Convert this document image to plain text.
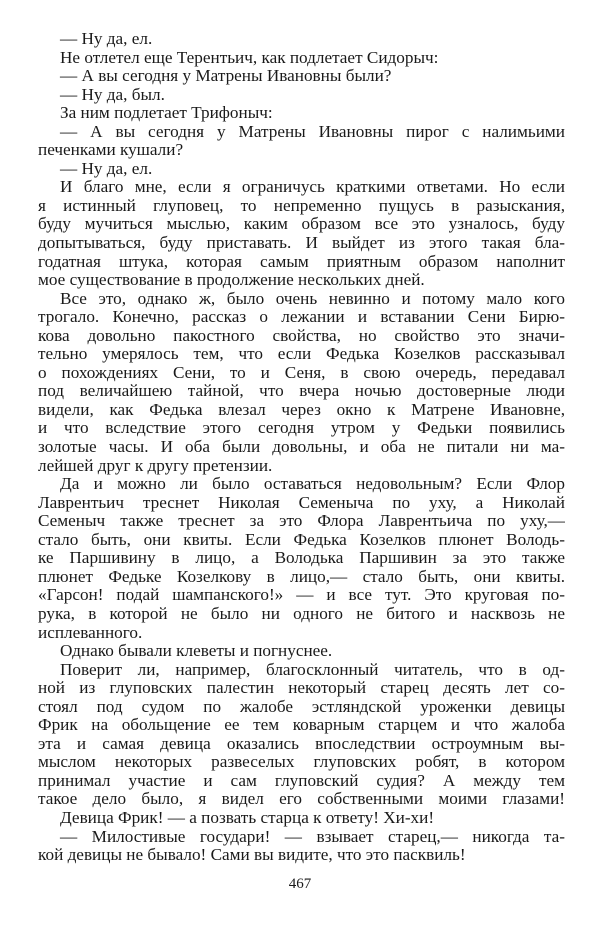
— Ну да, ел.
Не отлетел еще Терентьич, как подлетает Сидорыч:
— А вы сегодня у Матрены Ивановны были?
— Ну да, был.
За ним подлетает Трифоныч:
— А вы сегодня у Матрены Ивановны пирог с налимьими
печенками кушали?
— Ну да, ел.
И благо мне, если я ограничусь краткими ответами. Но если
я истинный глуповец, то непременно пущусь в разыскания,
буду мучиться мыслью, каким образом все это узналось, буду
допытываться, буду приставать. И выйдет из этого такая бла-
годатная штука, которая самым приятным образом наполнит
мое существование в продолжение нескольких дней.
Все это, однако ж, было очень невинно и потому мало кого
трогало. Конечно, рассказ о лежании и вставании Сени Бирю-
кова довольно пакостного свойства, но свойство это значи-
тельно умерялось тем, что если Федька Козелков рассказывал
о похождениях Сени, то и Сеня, в свою очередь, передавал
под величайшею тайной, что вчера ночью достоверные люди
видели, как Федька влезал через окно к Матрене Ивановне,
и что вследствие этого сегодня утром у Федьки появились
золотые часы. И оба были довольны, и оба не питали ни ма-
лейшей друг к другу претензии.
Да и можно ли было оставаться недовольным? Если Флор
Лаврентьич треснет Николая Семеныча по уху, а Николай
Семеныч также треснет за это Флора Лаврентьича по уху,—
стало быть, они квиты. Если Федька Козелков плюнет Володь-
ке Паршивину в лицо, а Володька Паршивин за это также
плюнет Федьке Козелкову в лицо,— стало быть, они квиты.
«Гарсон! подай шампанского!» — и все тут. Это круговая по-
рука, в которой не было ни одного не битого и насквозь не
исплеванного.
Однако бывали клеветы и погнуснее.
Поверит ли, например, благосклонный читатель, что в од-
ной из глуповских палестин некоторый старец десять лет со-
стоял под судом по жалобе эстляндской уроженки девицы
Фрик на обольщение ее тем коварным старцем и что жалоба
эта и самая девица оказались впоследствии остроумным вы-
мыслом некоторых развеселых глуповских робят, в котором
принимал участие и сам глуповский судия? А между тем
такое дело было, я видел его собственными моими глазами!
Девица Фрик! — а позвать старца к ответу! Хи-хи!
— Милостивые государи! — взывает старец,— никогда та-
кой девицы не бывало! Сами вы видите, что это пасквиль!
467
